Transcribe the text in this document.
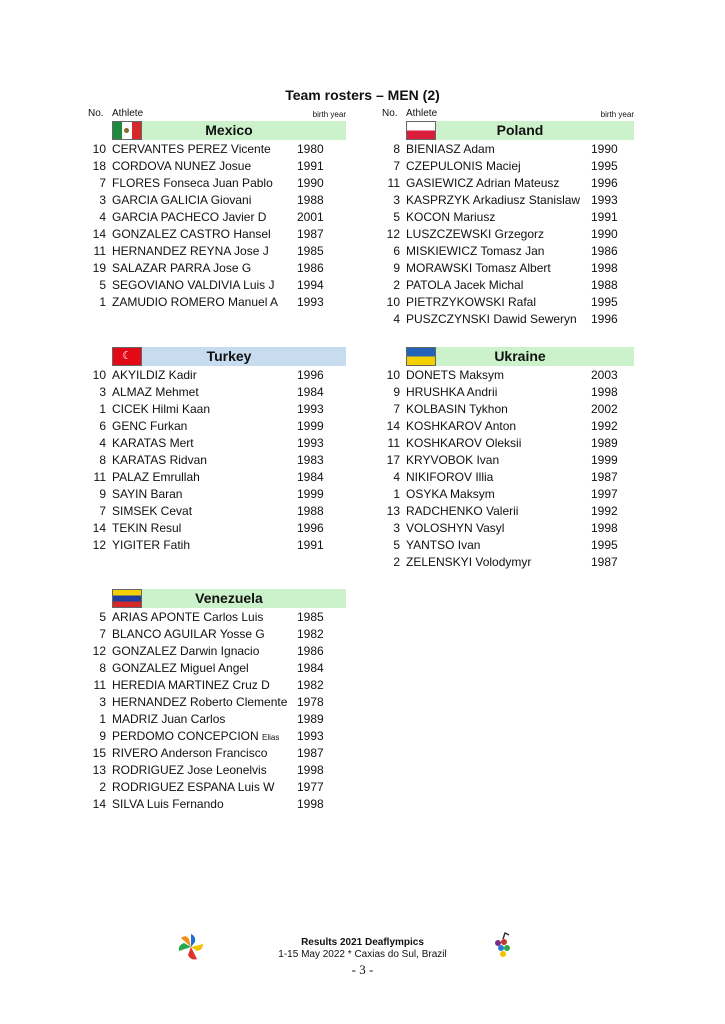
Team rosters – MEN (2)
No. Athlete	birth year
Mexico
10 CERVANTES PEREZ Vicente 1980
18 CORDOVA NUNEZ Josue	1991
7 FLORES Fonseca Juan Pablo 1990
3 GARCIA GALICIA Giovani	1988
4 GARCIA PACHECO Javier D	2001
14 GONZALEZ CASTRO Hansel 1987
11 HERNANDEZ REYNA Jose J 1985
19 SALAZAR PARRA Jose G	1986
5 SEGOVIANO VALDIVIA Luis J 1994
1 ZAMUDIO ROMERO Manuel A 1993
No. Athlete	birth year
Poland
8 BIENIASZ Adam	1990
7 CZEPULONIS Maciej	1995
11 GASIEWICZ Adrian Mateusz	1996
3 KASPRZYK Arkadiusz Stanislaw 1993
5 KOCON Mariusz	1991
12 LUSZCZEWSKI Grzegorz	1990
6 MISKIEWICZ Tomasz Jan	1986
9 MORAWSKI Tomasz Albert	1998
2 PATOLA Jacek Michal	1988
10 PIETRZYKOWSKI Rafal	1995
4 PUSZCZYNSKI Dawid Seweryn 1996
☾	Turkey
10 AKYILDIZ Kadir	1996
3 ALMAZ Mehmet	1984
1 CICEK Hilmi Kaan	1993
6 GENC Furkan	1999
4 KARATAS Mert	1993
8 KARATAS Ridvan	1983
11 PALAZ Emrullah	1984
9 SAYIN Baran	1999
7 SIMSEK Cevat	1988
14 TEKIN Resul	1996
12 YIGITER Fatih	1991
Ukraine
10 DONETS Maksym	2003
9 HRUSHKA Andrii	1998
7 KOLBASIN Tykhon	2002
14 KOSHKAROV Anton	1992
11 KOSHKAROV Oleksii	1989
17 KRYVOBOK Ivan	1999
4 NIKIFOROV Illia	1987
1 OSYKA Maksym	1997
13 RADCHENKO Valerii	1992
3 VOLOSHYN Vasyl	1998
5 YANTSO Ivan	1995
2 ZELENSKYI Volodymyr	1987
Venezuela
5 ARIAS APONTE Carlos Luis	1985
7 BLANCO AGUILAR Yosse G	1982
12 GONZALEZ Darwin Ignacio	1986
8 GONZALEZ Miguel Angel	1984
11 HEREDIA MARTINEZ Cruz D 1982
3 HERNANDEZ Roberto Clemente 1978
1 MADRIZ Juan Carlos	1989
9 PERDOMO CONCEPCION Elias 1993
15 RIVERO Anderson Francisco 1987
13 RODRIGUEZ Jose Leonelvis	1998
2 RODRIGUEZ ESPANA Luis W 1977
14 SILVA Luis Fernando	1998
Results 2021 Deaflympics
1-15 May 2022 * Caxias do Sul, Brazil
- 3 -
